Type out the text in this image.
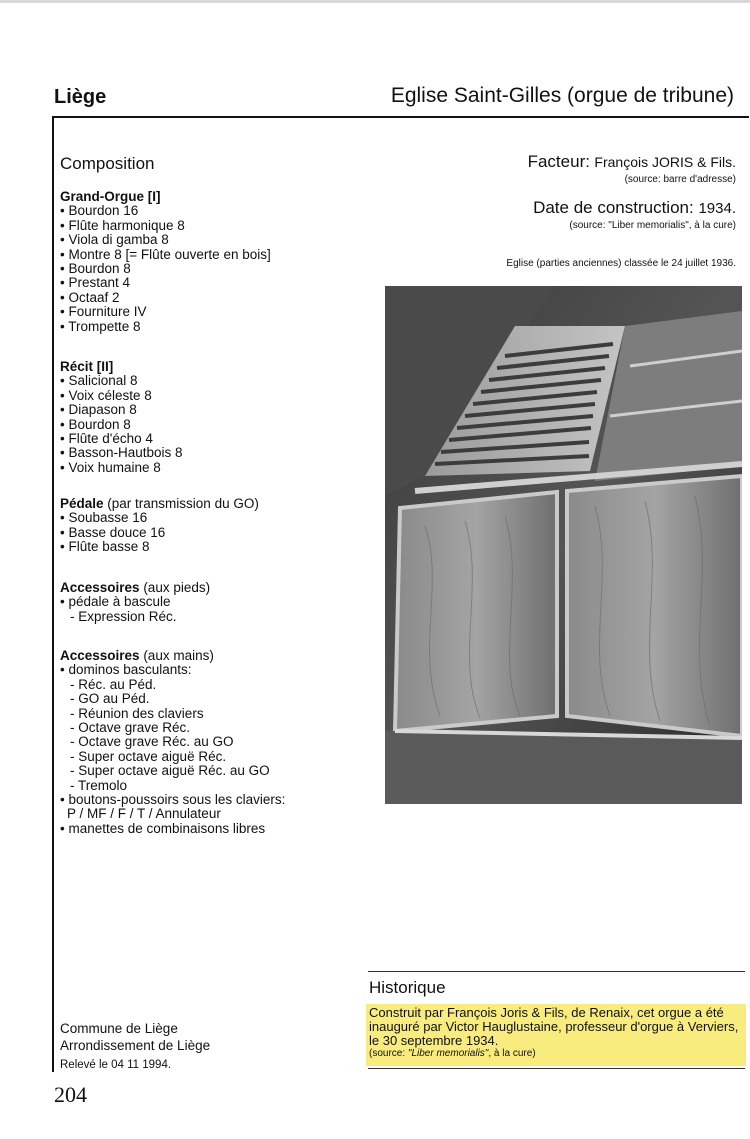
Liège	Eglise Saint-Gilles (orgue de tribune)
Composition
Grand-Orgue [I]
• Bourdon 16
• Flûte harmonique 8
• Viola di gamba 8
• Montre 8 [= Flûte ouverte en bois]
• Bourdon 8
• Prestant 4
• Octaaf 2
• Fourniture IV
• Trompette 8
Récit [II]
• Salicional 8
• Voix céleste 8
• Diapason 8
• Bourdon 8
• Flûte d'écho 4
• Basson-Hautbois 8
• Voix humaine 8
Pédale (par transmission du GO)
• Soubasse 16
• Basse douce 16
• Flûte basse 8
Accessoires (aux pieds)
• pédale à bascule
- Expression Réc.
Accessoires (aux mains)
• dominos basculants:
- Réc. au Péd.
- GO au Péd.
- Réunion des claviers
- Octave grave Réc.
- Octave grave Réc. au GO
- Super octave aiguë Réc.
- Super octave aiguë Réc. au GO
- Tremolo
• boutons-poussoirs sous les claviers:
P / MF / F / T / Annulateur
• manettes de combinaisons libres
Facteur: François JORIS & Fils.
(source: barre d'adresse)
Date de construction: 1934.
(source: "Liber memorialis", à la cure)
Eglise (parties anciennes) classée le 24 juillet 1936.
Historique
Construit par François Joris & Fils, de Renaix, cet orgue a été inauguré par Victor Hauglustaine, professeur d'orgue à Verviers, le 30 septembre 1934.
(source: "Liber memorialis", à la cure)
Commune de Liège
Arrondissement de Liège
Relevé le 04 11 1994.
204
